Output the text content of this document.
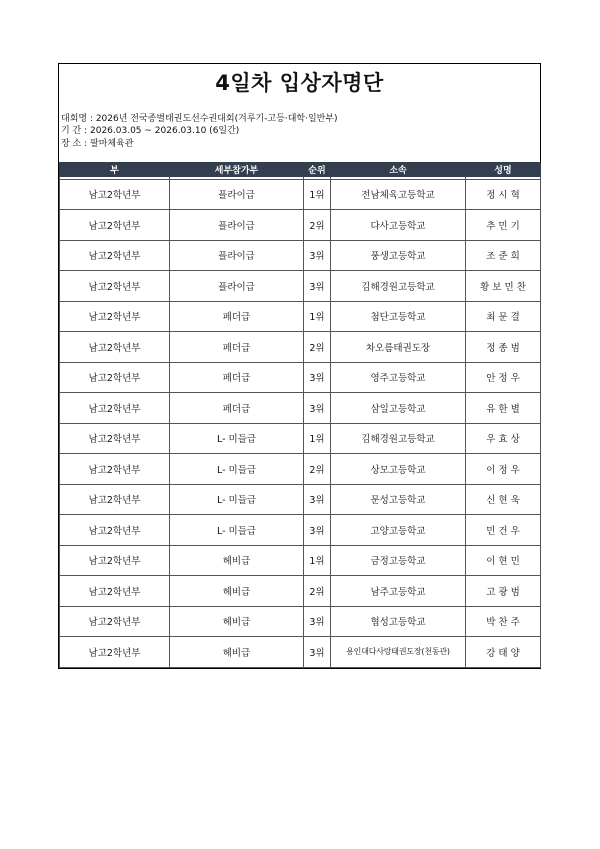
4일차 입상자명단
대회명 : 2026년 전국종별태권도선수권대회(겨루기-고등·대학·일반부)
기 간 : 2026.03.05 ~ 2026.03.10 (6일간)
장 소 : 팔마체육관
부	세부참가부	순위	소속	성명

남고2학년부	플라이급	1위	전남체육고등학교	정 시 혁
남고2학년부	플라이급	2위	다사고등학교	추 민 기
남고2학년부	플라이급	3위	풍생고등학교	조 준 희
남고2학년부	플라이급	3위	김해경원고등학교	황 보 민 찬
남고2학년부	페더급	1위	첨단고등학교	최 문 결
남고2학년부	페더급	2위	차오름태권도장	정 종 범
남고2학년부	페더급	3위	영주고등학교	안 정 우
남고2학년부	페더급	3위	삼일고등학교	유 한 별
남고2학년부	L- 미들급	1위	김해경원고등학교	우 효 상
남고2학년부	L- 미들급	2위	상모고등학교	이 정 우
남고2학년부	L- 미들급	3위	문성고등학교	신 현 욱
남고2학년부	L- 미들급	3위	고양고등학교	민 건 우
남고2학년부	헤비급	1위	금정고등학교	이 현 민
남고2학년부	헤비급	2위	남주고등학교	고 광 범
남고2학년부	헤비급	3위	협성고등학교	박 찬 주
남고2학년부	헤비급	3위	용인대다사랑태권도장(천동관)	강 태 양
